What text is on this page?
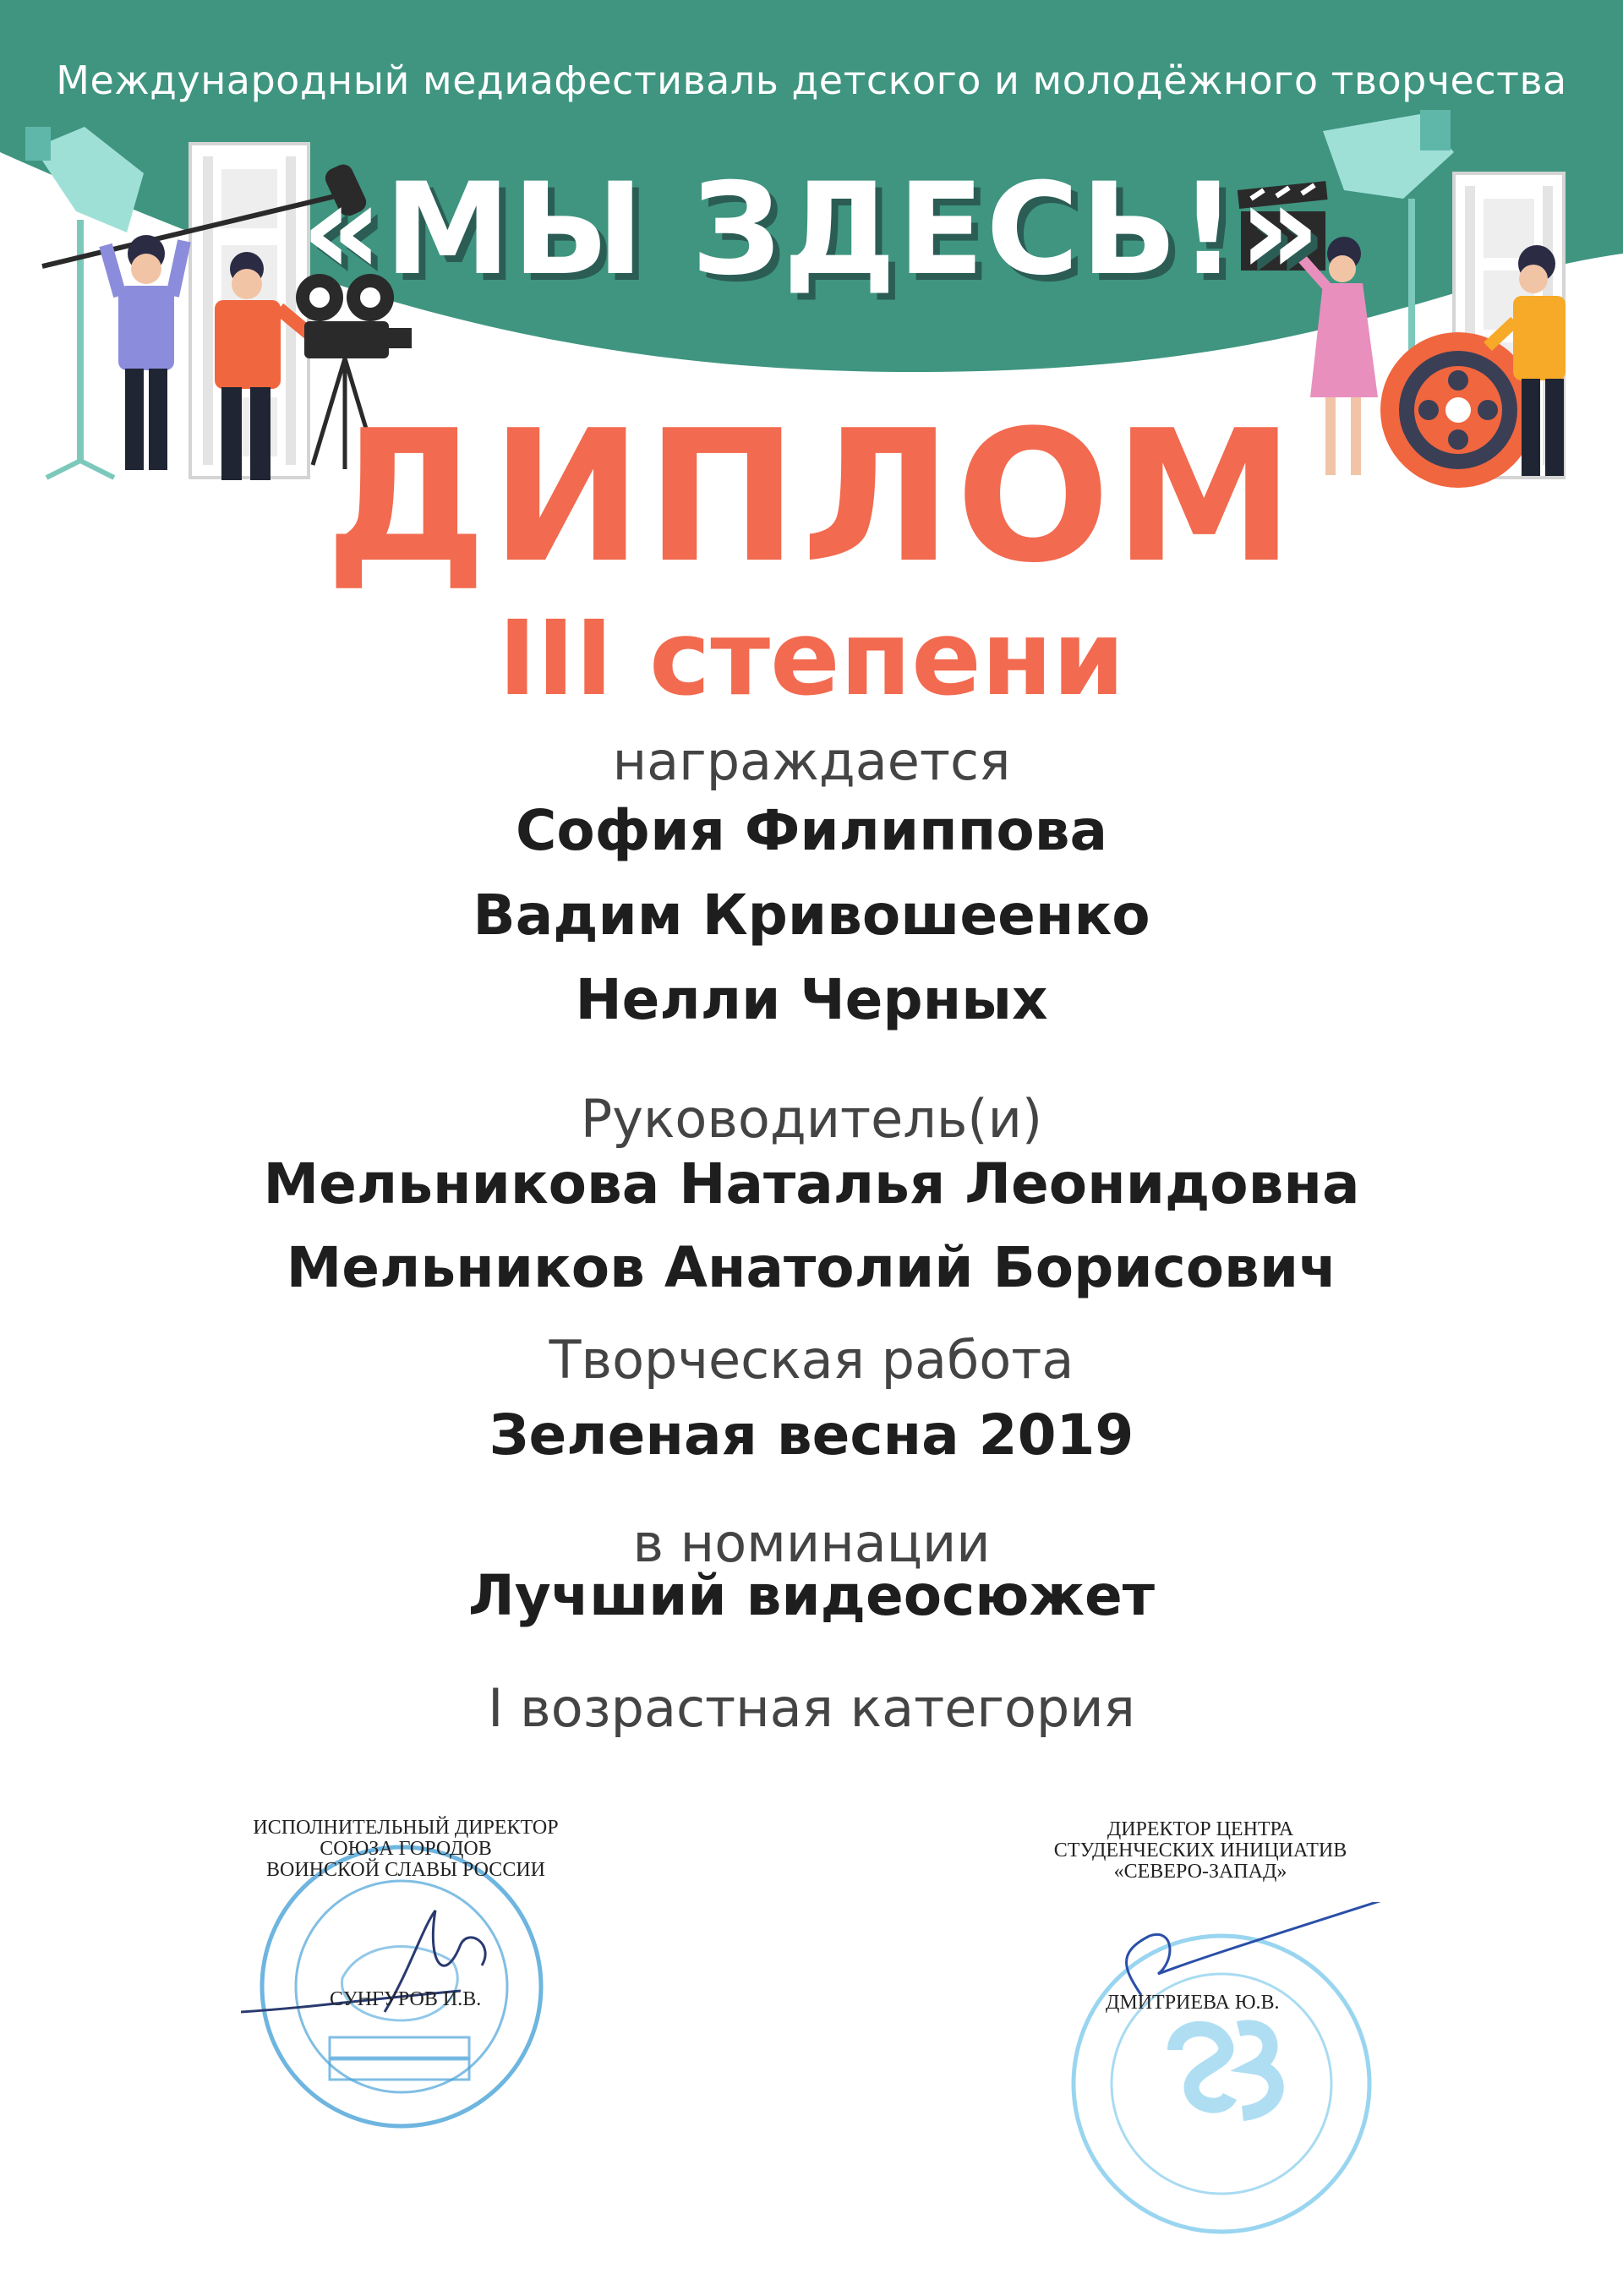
Международный медиафестиваль детского и молодёжного творчества
«МЫ ЗДЕСЬ!»
ДИПЛОМ
III степени
награждается
София Филиппова
Вадим Кривошеенко
Нелли Черных
Руководитель(и)
Мельникова Наталья Леонидовна
Мельников Анатолий Борисович
Творческая работа
Зеленая весна 2019
в номинации
Лучший видеосюжет
I возрастная категория
ИСПОЛНИТЕЛЬНЫЙ ДИРЕКТОР
СОЮЗА ГОРОДОВ
ВОИНСКОЙ СЛАВЫ РОССИИ
СУНГУРОВ И.В.
ДИРЕКТОР ЦЕНТРА
СТУДЕНЧЕСКИХ ИНИЦИАТИВ
«СЕВЕРО-ЗАПАД»
ДМИТРИЕВА Ю.В.
